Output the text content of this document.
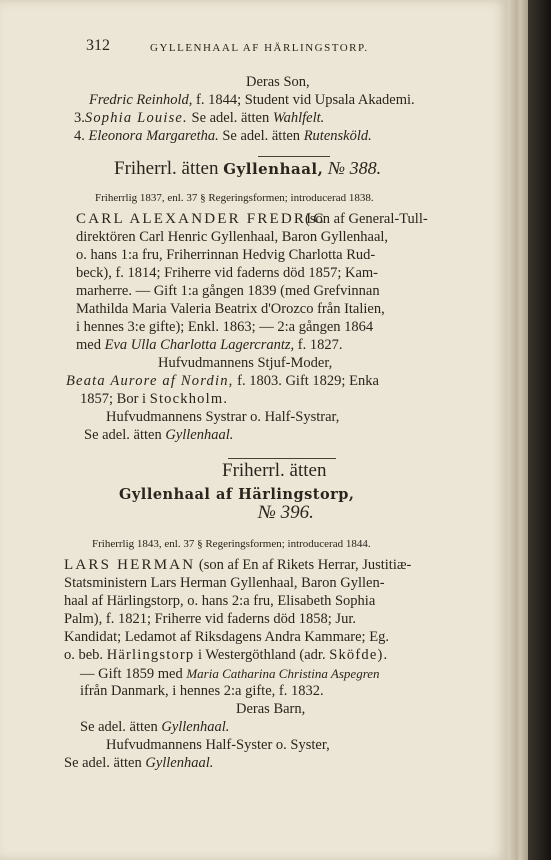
312	GYLLENHAAL AF HÄRLINGSTORP.
Deras Son,
Fredric Reinhold, f. 1844; Student vid Upsala Akademi.
3.Sophia Louise. Se adel. ätten Wahlfelt.
4. Eleonora Margaretha. Se adel. ätten Rutensköld.
Friherrl. ätten Gyllenhaal, № 388.
Friherrlig 1837, enl. 37 § Regeringsformen; introducerad 1838.
CARL ALEXANDER FREDRIC
(son af General-Tull-
direktören Carl Henric Gyllenhaal, Baron Gyllenhaal,
o. hans 1:a fru, Friherrinnan Hedvig Charlotta Rud-
beck), f. 1814; Friherre vid faderns död 1857; Kam-
marherre. — Gift 1:a gången 1839 (med Grefvinnan
Mathilda Maria Valeria Beatrix d'Orozco från Italien,
i hennes 3:e gifte); Enkl. 1863; — 2:a gången 1864
med Eva Ulla Charlotta Lagercrantz, f. 1827.
Hufvudmannens Stjuf-Moder,
Beata Aurore af Nordin, f. 1803. Gift 1829; Enka
1857; Bor i Stockholm.
Hufvudmannens Systrar o. Half-Systrar,
Se adel. ätten Gyllenhaal.
Friherrl. ätten
Gyllenhaal af Härlingstorp,
№ 396.
Friherrlig 1843, enl. 37 § Regeringsformen; introducerad 1844.
LARS HERMAN (son af En af Rikets Herrar, Justitiæ-
Statsministern Lars Herman Gyllenhaal, Baron Gyllen-
haal af Härlingstorp, o. hans 2:a fru, Elisabeth Sophia
Palm), f. 1821; Friherre vid faderns död 1858; Jur.
Kandidat; Ledamot af Riksdagens Andra Kammare; Eg.
o. beb. Härlingstorp i Westergöthland (adr. Sköfde).
— Gift 1859 med Maria Catharina Christina Aspegren
ifrån Danmark, i hennes 2:a gifte, f. 1832.
Deras Barn,
Se adel. ätten Gyllenhaal.
Hufvudmannens Half-Syster o. Syster,
Se adel. ätten Gyllenhaal.
